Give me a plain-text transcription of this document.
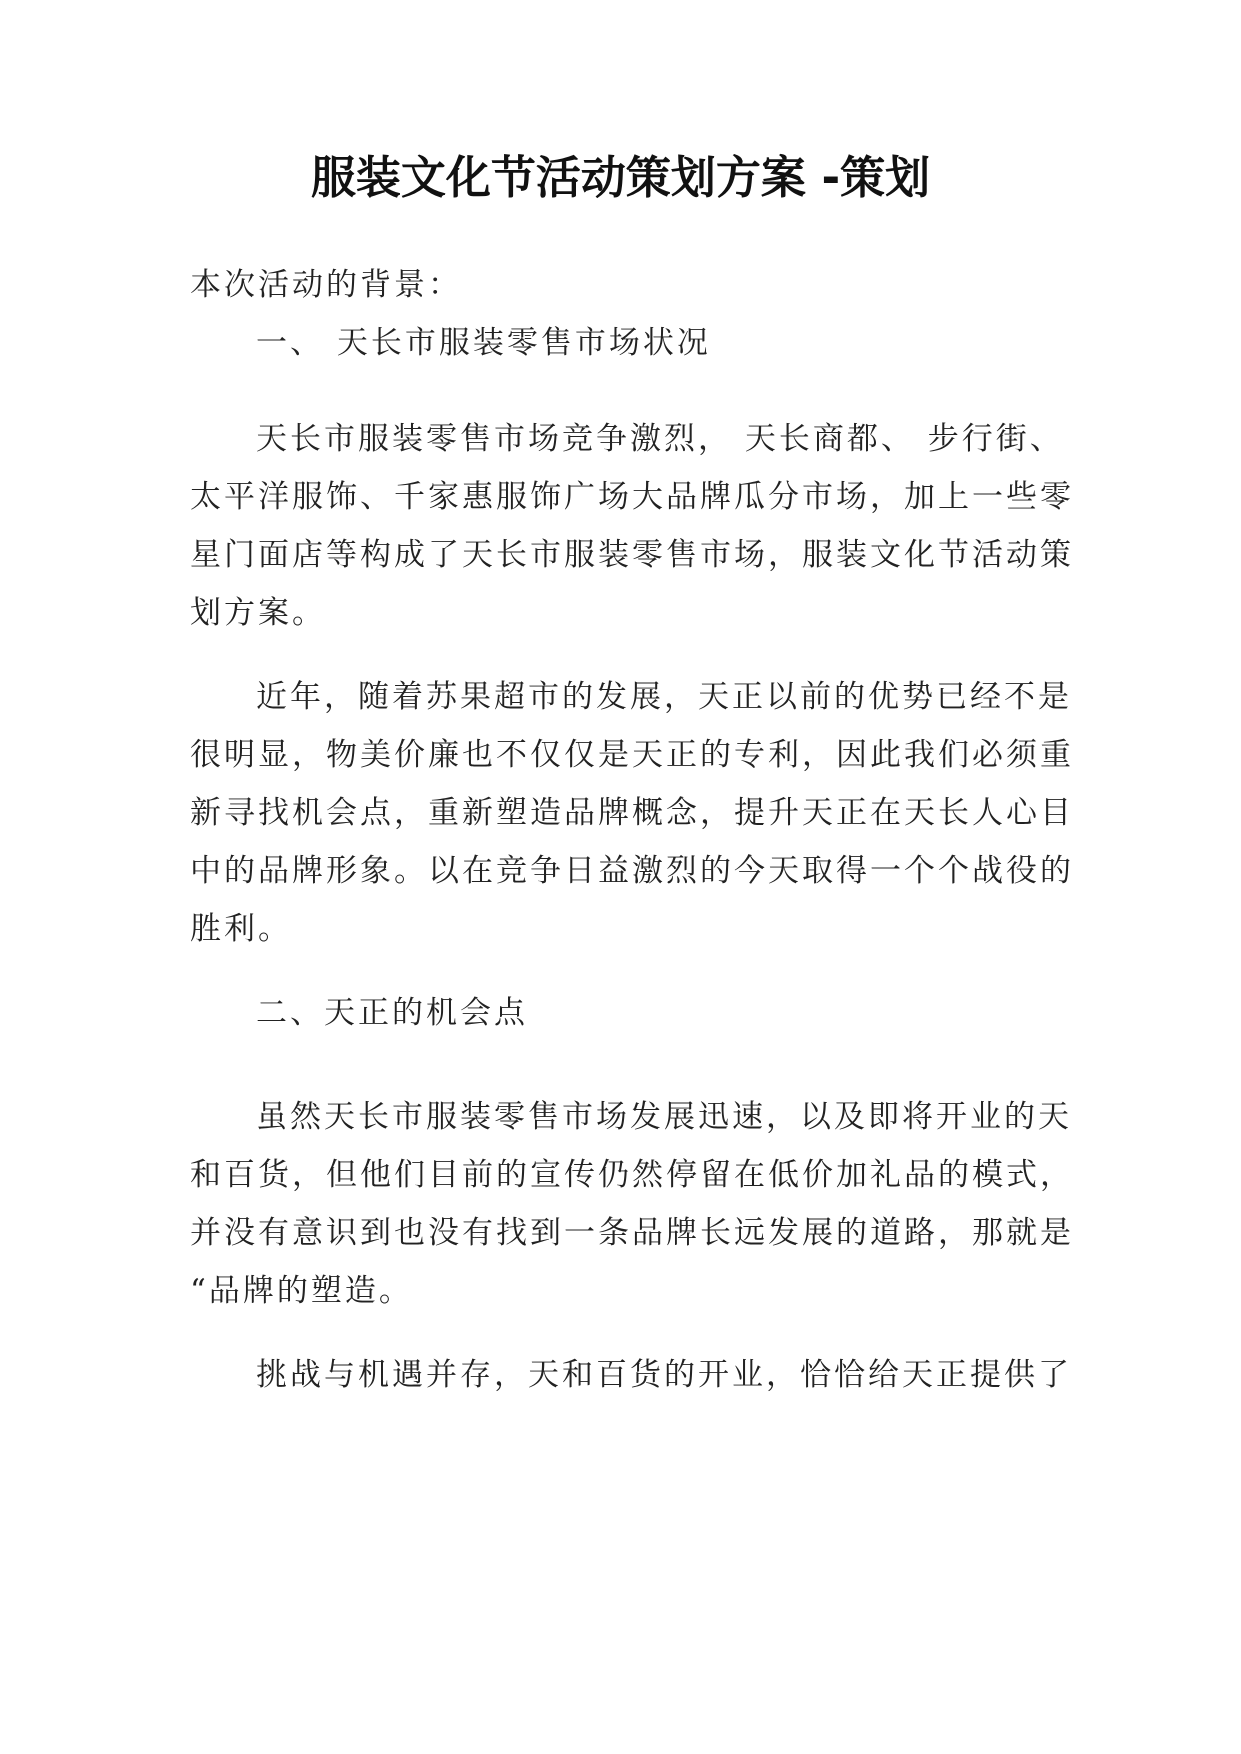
服装文化节活动策划方案 -策划
本次活动的背景：
一、 天长市服装零售市场状况
天长市服装零售市场竞争激烈， 天长商都、 步行街、
太平洋服饰、千家惠服饰广场大品牌瓜分市场，加上一些零
星门面店等构成了天长市服装零售市场，服装文化节活动策
划方案。
近年，随着苏果超市的发展，天正以前的优势已经不是
很明显，物美价廉也不仅仅是天正的专利，因此我们必须重
新寻找机会点，重新塑造品牌概念，提升天正在天长人心目
中的品牌形象。以在竞争日益激烈的今天取得一个个战役的
胜利。
二、天正的机会点
虽然天长市服装零售市场发展迅速，以及即将开业的天
和百货，但他们目前的宣传仍然停留在低价加礼品的模式，
并没有意识到也没有找到一条品牌长远发展的道路，那就是
“品牌的塑造。
挑战与机遇并存，天和百货的开业，恰恰给天正提供了
